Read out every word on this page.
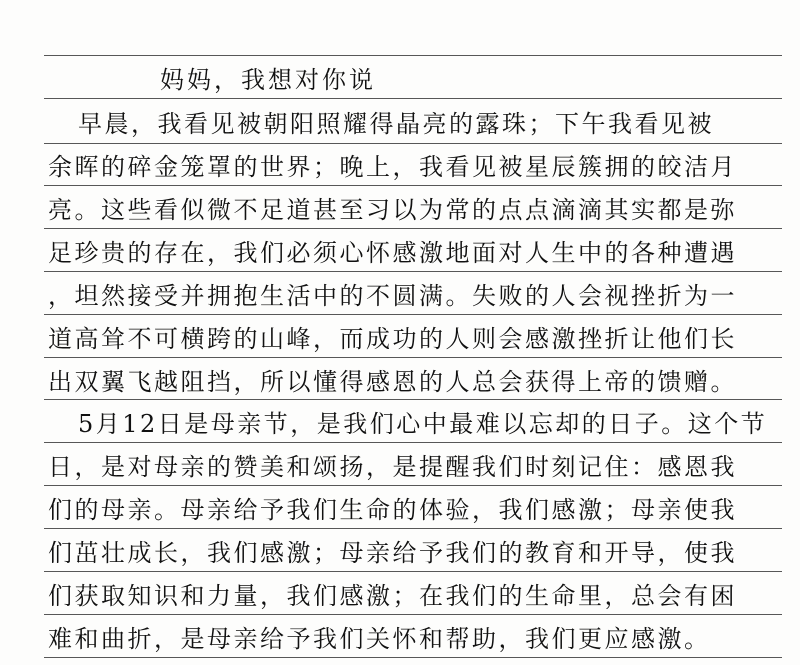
妈妈，我想对你说
早晨，我看见被朝阳照耀得晶亮的露珠；下午我看见被
余晖的碎金笼罩的世界；晚上，我看见被星辰簇拥的皎洁月
亮。这些看似微不足道甚至习以为常的点点滴滴其实都是弥
足珍贵的存在，我们必须心怀感激地面对人生中的各种遭遇
，坦然接受并拥抱生活中的不圆满。失败的人会视挫折为一
道高耸不可横跨的山峰，而成功的人则会感激挫折让他们长
出双翼飞越阻挡，所以懂得感恩的人总会获得上帝的馈赠。
5月12日是母亲节，是我们心中最难以忘却的日子。这个节
日，是对母亲的赞美和颂扬，是提醒我们时刻记住：感恩我
们的母亲。母亲给予我们生命的体验，我们感激；母亲使我
们茁壮成长，我们感激；母亲给予我们的教育和开导，使我
们获取知识和力量，我们感激；在我们的生命里，总会有困
难和曲折，是母亲给予我们关怀和帮助，我们更应感激。
